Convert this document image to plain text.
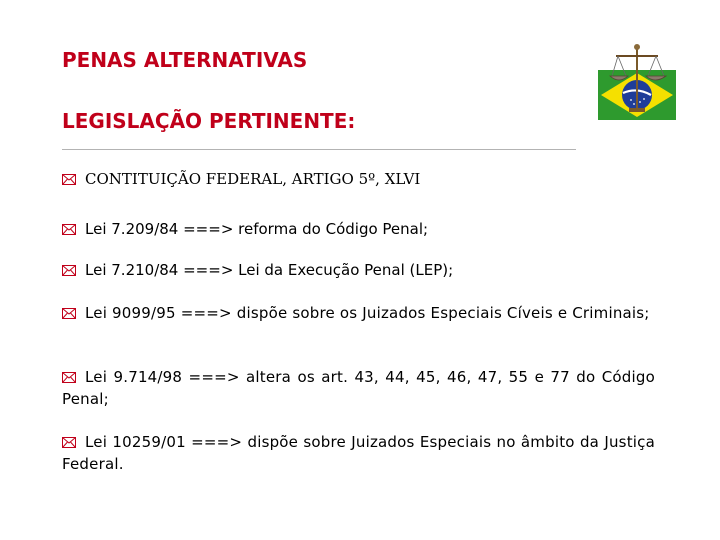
PENAS ALTERNATIVAS
LEGISLAÇÃO PERTINENTE:
CONTITUIÇÃO FEDERAL, ARTIGO 5º, XLVI
Lei 7.209/84 ===> reforma do Código Penal;
Lei 7.210/84 ===> Lei da Execução Penal (LEP);
Lei 9099/95 ===> dispõe sobre os Juizados Especiais Cíveis e Criminais;
Lei 9.714/98 ===> altera os art. 43, 44, 45, 46, 47, 55 e 77 do Código Penal;
Lei 10259/01 ===> dispõe sobre Juizados Especiais no âmbito da Justiça Federal.
